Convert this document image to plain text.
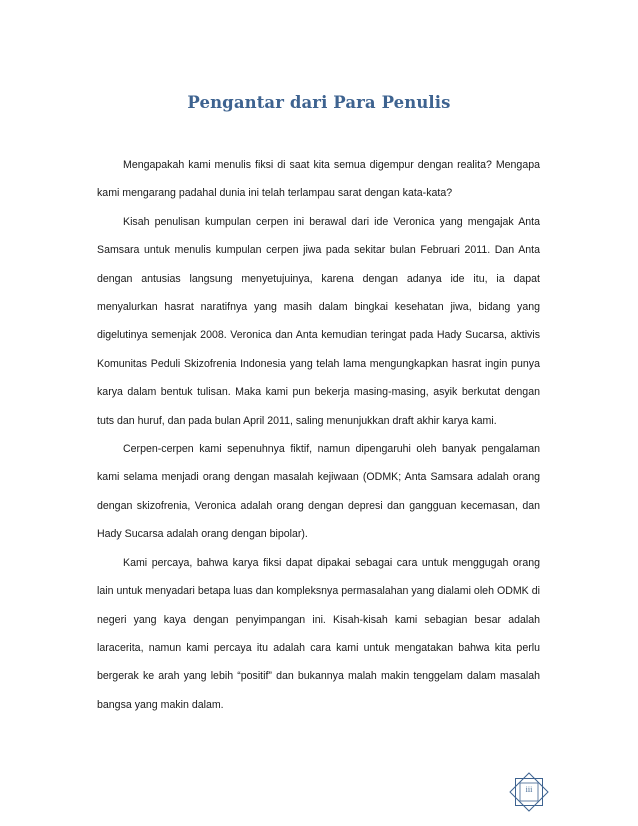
Pengantar dari Para Penulis

Mengapakah kami menulis fiksi di saat kita semua digempur dengan realita? Mengapa kami mengarang padahal dunia ini telah terlampau sarat dengan kata-kata?

Kisah penulisan kumpulan cerpen ini berawal dari ide Veronica yang mengajak Anta Samsara untuk menulis kumpulan cerpen jiwa pada sekitar bulan Februari 2011. Dan Anta dengan antusias langsung menyetujuinya, karena dengan adanya ide itu, ia dapat menyalurkan hasrat naratifnya yang masih dalam bingkai kesehatan jiwa, bidang yang digelutinya semenjak 2008. Veronica dan Anta kemudian teringat pada Hady Sucarsa, aktivis Komunitas Peduli Skizofrenia Indonesia yang telah lama mengungkapkan hasrat ingin punya karya dalam bentuk tulisan. Maka kami pun bekerja masing-masing, asyik berkutat dengan tuts dan huruf, dan pada bulan April 2011, saling menunjukkan draft akhir karya kami.

Cerpen-cerpen kami sepenuhnya fiktif, namun dipengaruhi oleh banyak pengalaman kami selama menjadi orang dengan masalah kejiwaan (ODMK; Anta Samsara adalah orang dengan skizofrenia, Veronica adalah orang dengan depresi dan gangguan kecemasan, dan Hady Sucarsa adalah orang dengan bipolar).

Kami percaya, bahwa karya fiksi dapat dipakai sebagai cara untuk menggugah orang lain untuk menyadari betapa luas dan kompleksnya permasalahan yang dialami oleh ODMK di negeri yang kaya dengan penyimpangan ini. Kisah-kisah kami sebagian besar adalah laracerita, namun kami percaya itu adalah cara kami untuk mengatakan bahwa kita perlu bergerak ke arah yang lebih “positif” dan bukannya malah makin tenggelam dalam masalah bangsa yang makin dalam.

iii
